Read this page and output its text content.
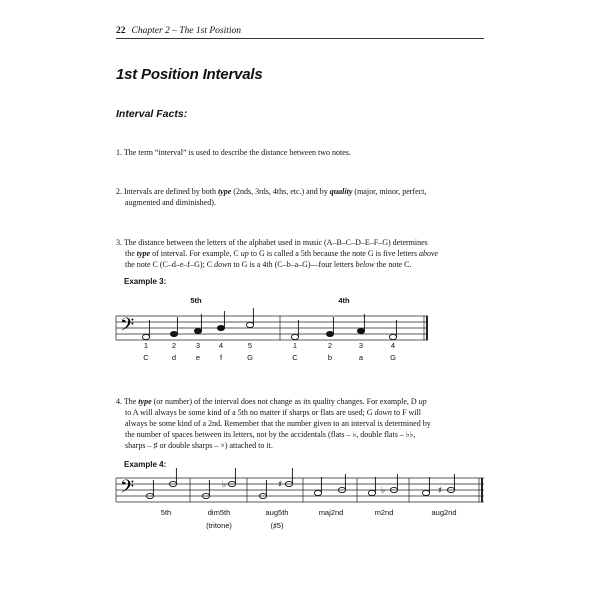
22 Chapter 2 – The 1st Position
1st Position Intervals
Interval Facts:
1. The term “interval” is used to describe the distance between two notes.
2. Intervals are defined by both type (2nds, 3rds, 4ths, etc.) and by quality (major, minor, perfect,
augmented and diminished).
3. The distance between the letters of the alphabet used in music (A–B–C–D–E–F–G) determines
the type of interval. For example, C up to G is called a 5th because the note G is five letters above
the note C (C–d–e–f–G); C down to G is a 4th (C–b–a–G)—four letters below the note C.
Example 3:
5th	4th
𝄢
1	2	3	4	5	1	2	3	4
C	d	e	f	G	C	b	a	G
4. The type (or number) of the interval does not change as its quality changes. For example, D up
to A will always be some kind of a 5th no matter if sharps or flats are used; G down to F will
always be some kind of a 2nd. Remember that the number given to an interval is determined by
the number of spaces between its letters, not by the accidentals (flats – ♭, double flats – ♭♭,
sharps – ♯ or double sharps – ×) attached to it.
Example 4:
𝄢	♭	♯
♭	♯
5th	dim5th	aug5th	maj2nd	m2nd	aug2nd
(tritone)	(♯5)
